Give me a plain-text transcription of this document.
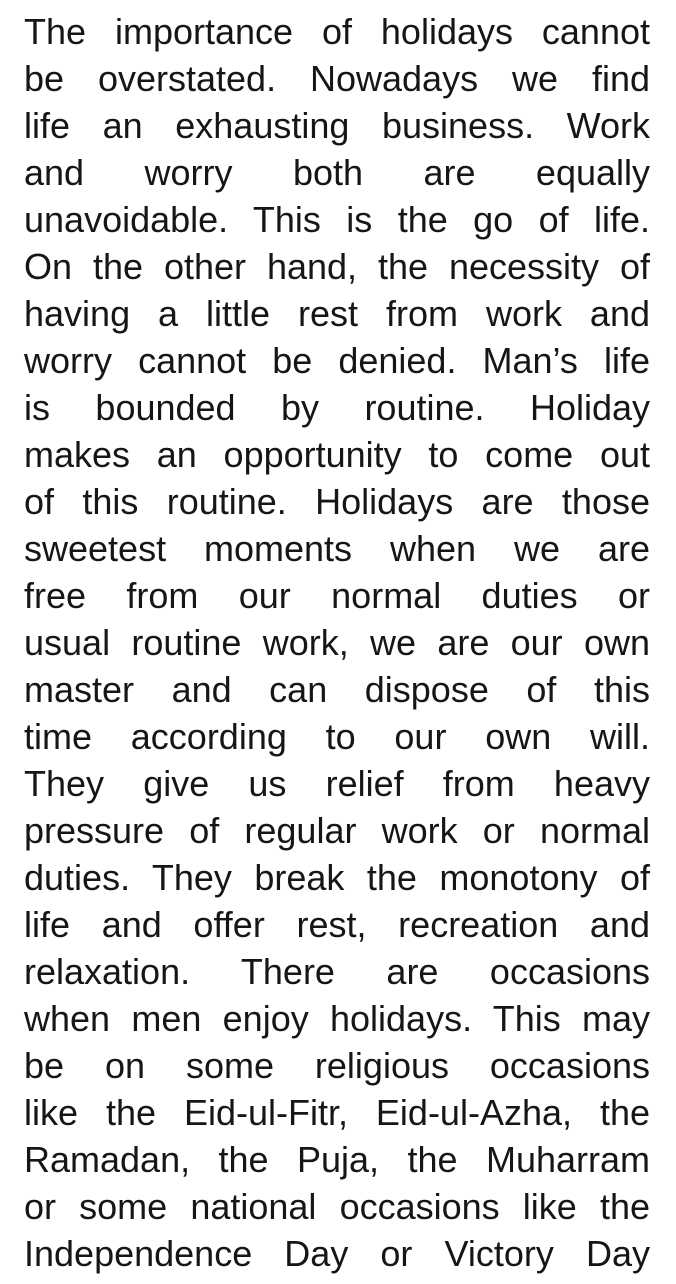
The importance of holidays cannot
be overstated. Nowadays we find
life an exhausting business. Work
and worry both are equally
unavoidable. This is the go of life.
On the other hand, the necessity of
having a little rest from work and
worry cannot be denied. Man’s life
is bounded by routine. Holiday
makes an opportunity to come out
of this routine. Holidays are those
sweetest moments when we are
free from our normal duties or
usual routine work, we are our own
master and can dispose of this
time according to our own will.
They give us relief from heavy
pressure of regular work or normal
duties. They break the monotony of
life and offer rest, recreation and
relaxation. There are occasions
when men enjoy holidays. This may
be on some religious occasions
like the Eid-ul-Fitr, Eid-ul-Azha, the
Ramadan, the Puja, the Muharram
or some national occasions like the
Independence Day or Victory Day
